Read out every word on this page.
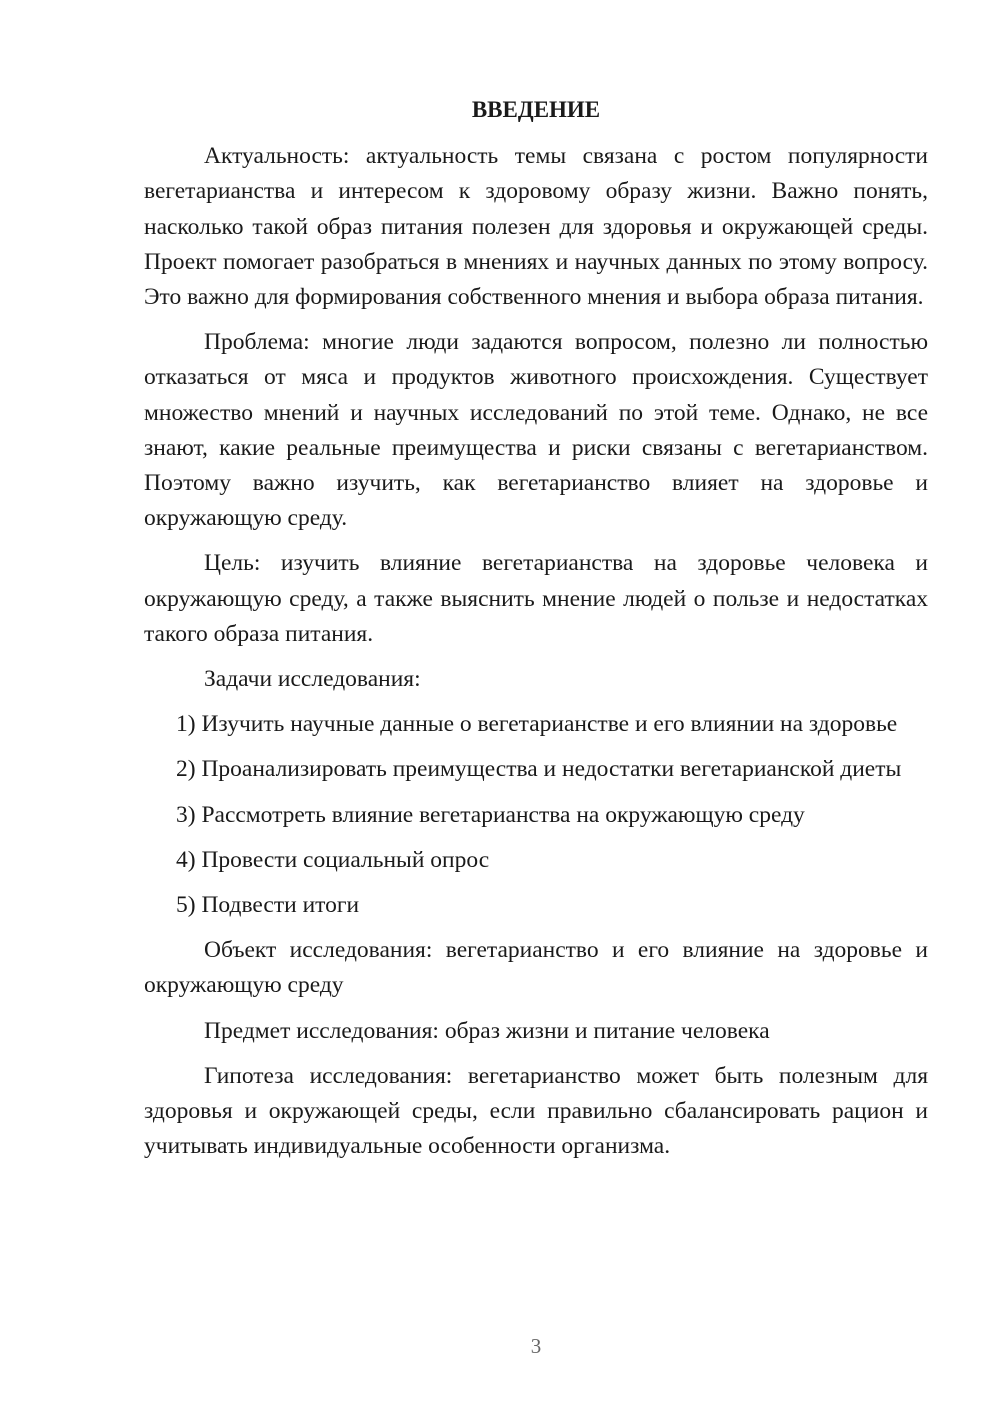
ВВЕДЕНИЕ

Актуальность: актуальность темы связана с ростом популярности вегетарианства и интересом к здоровому образу жизни. Важно понять, насколько такой образ питания полезен для здоровья и окружающей среды. Проект помогает разобраться в мнениях и научных данных по этому вопросу. Это важно для формирования собственного мнения и выбора образа питания.

Проблема: многие люди задаются вопросом, полезно ли полностью отказаться от мяса и продуктов животного происхождения. Существует множество мнений и научных исследований по этой теме. Однако, не все знают, какие реальные преимущества и риски связаны с вегетарианством. Поэтому важно изучить, как вегетарианство влияет на здоровье и окружающую среду.

Цель: изучить влияние вегетарианства на здоровье человека и окружающую среду, а также выяснить мнение людей о пользе и недостатках такого образа питания.

Задачи исследования:

1) Изучить научные данные о вегетарианстве и его влиянии на здоровье

2) Проанализировать преимущества и недостатки вегетарианской диеты

3) Рассмотреть влияние вегетарианства на окружающую среду

4) Провести социальный опрос

5) Подвести итоги

Объект исследования: вегетарианство и его влияние на здоровье и окружающую среду

Предмет исследования: образ жизни и питание человека

Гипотеза исследования: вегетарианство может быть полезным для здоровья и окружающей среды, если правильно сбалансировать рацион и учитывать индивидуальные особенности организма.

3
